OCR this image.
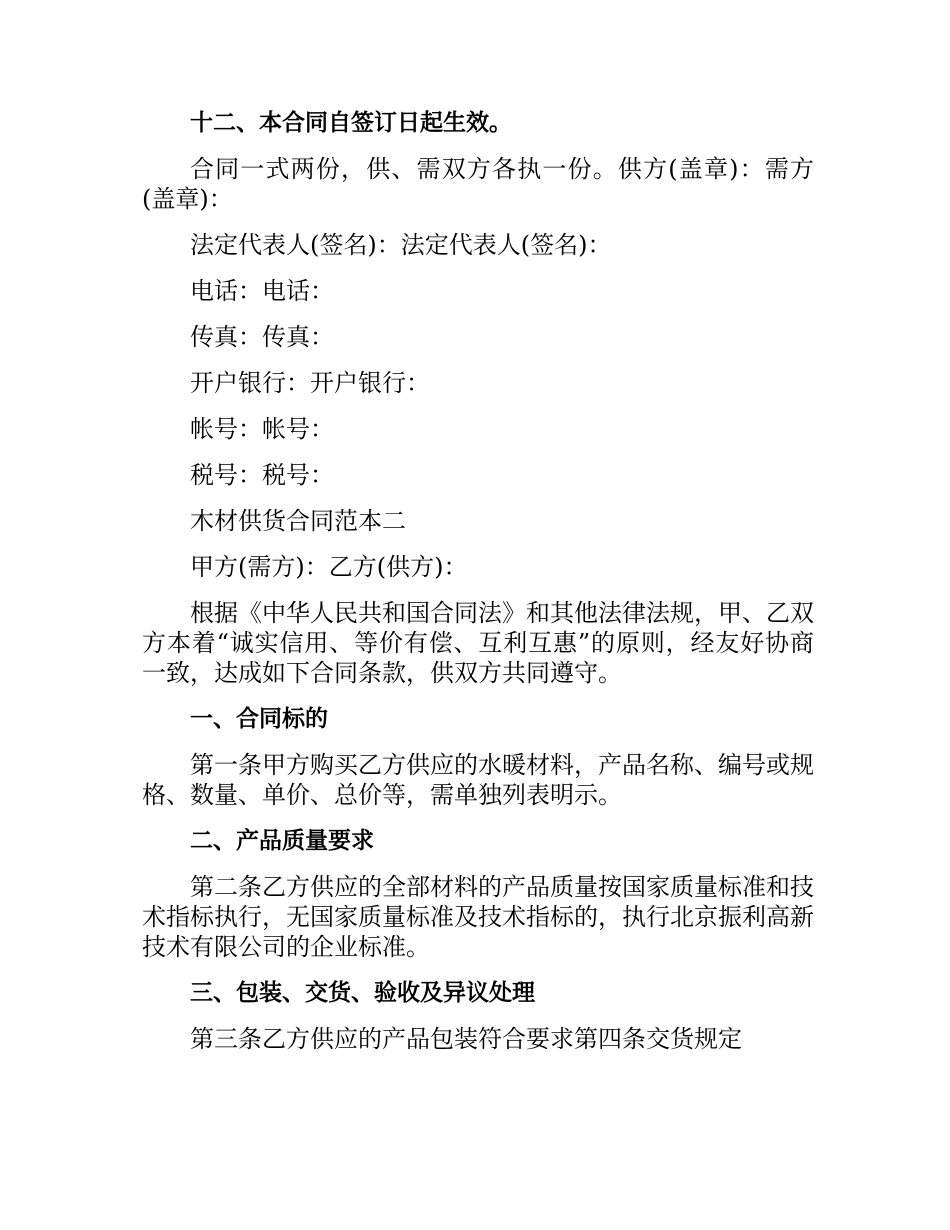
十二、本合同自签订日起生效。
合同一式两份，供、需双方各执一份。供方(盖章)：需方(盖章)：
法定代表人(签名)：法定代表人(签名)：
电话：电话：
传真：传真：
开户银行：开户银行：
帐号：帐号：
税号：税号：
木材供货合同范本二
甲方(需方)：乙方(供方)：
根据《中华人民共和国合同法》和其他法律法规，甲、乙双方本着“诚实信用、等价有偿、互利互惠”的原则，经友好协商一致，达成如下合同条款，供双方共同遵守。
一、合同标的
第一条甲方购买乙方供应的水暖材料，产品名称、编号或规格、数量、单价、总价等，需单独列表明示。
二、产品质量要求
第二条乙方供应的全部材料的产品质量按国家质量标准和技术指标执行，无国家质量标准及技术指标的，执行北京振利高新技术有限公司的企业标准。
三、包装、交货、验收及异议处理
第三条乙方供应的产品包装符合要求第四条交货规定
